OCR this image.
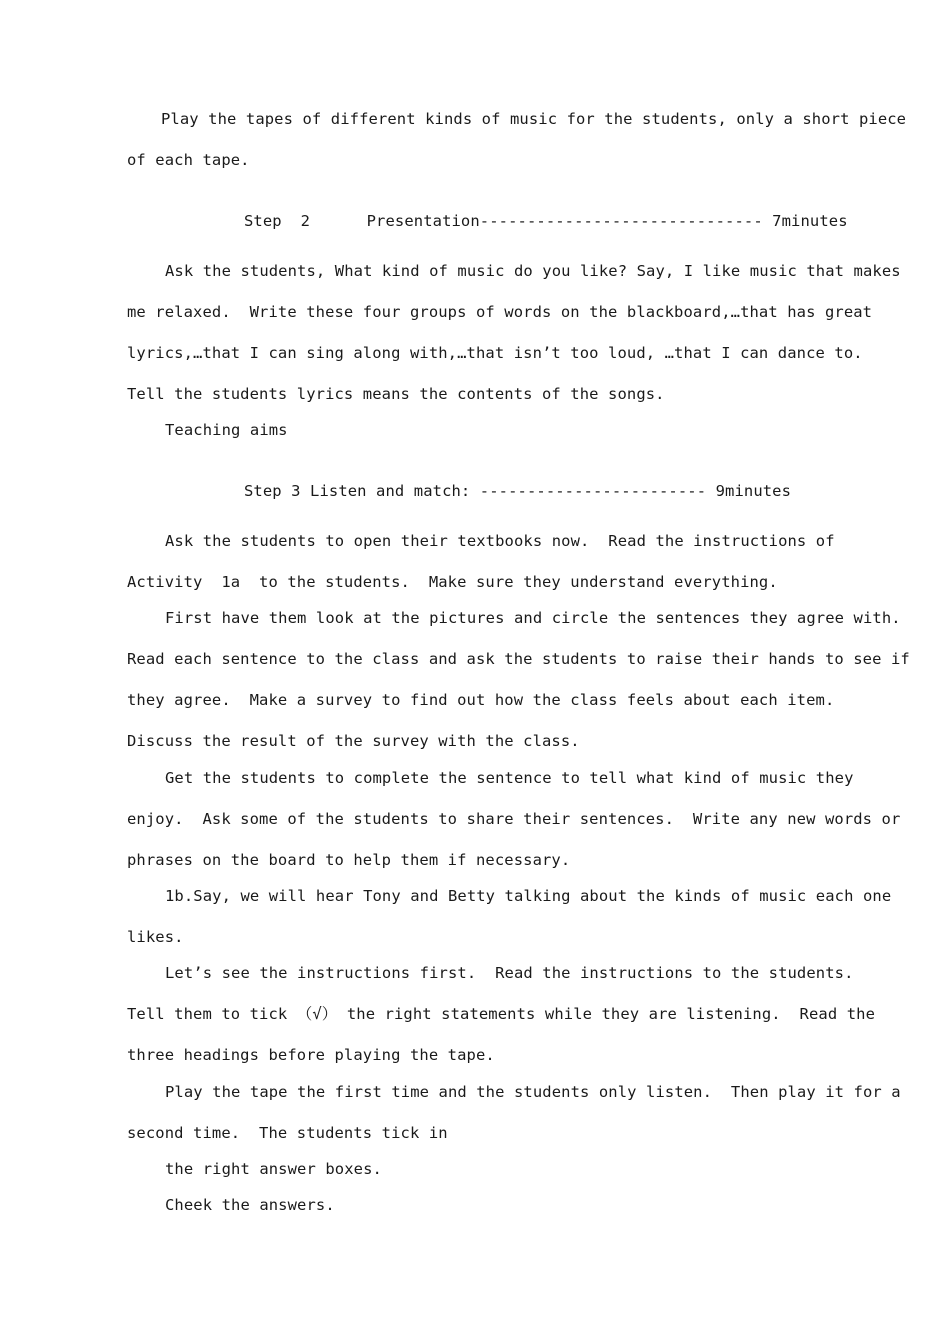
Play the tapes of different kinds of music for the students, only a short piece
of each tape.
Step  2      Presentation------------------------------ 7minutes
Ask the students, What kind of music do you like? Say, I like music that makes
me relaxed.  Write these four groups of words on the blackboard,…that has great
lyrics,…that I can sing along with,…that isn’t too loud, …that I can dance to.
Tell the students lyrics means the contents of the songs.
Teaching aims
Step 3 Listen and match: ------------------------ 9minutes
Ask the students to open their textbooks now.  Read the instructions of
Activity  1a  to the students.  Make sure they understand everything.
First have them look at the pictures and circle the sentences they agree with.
Read each sentence to the class and ask the students to raise their hands to see if
they agree.  Make a survey to find out how the class feels about each item.
Discuss the result of the survey with the class.
Get the students to complete the sentence to tell what kind of music they
enjoy.  Ask some of the students to share their sentences.  Write any new words or
phrases on the board to help them if necessary.
1b.Say, we will hear Tony and Betty talking about the kinds of music each one
likes.
Let’s see the instructions first.  Read the instructions to the students.
Tell them to tick （√） the right statements while they are listening.  Read the
three headings before playing the tape.
Play the tape the first time and the students only listen.  Then play it for a
second time.  The students tick in
the right answer boxes.
Cheek the answers.
